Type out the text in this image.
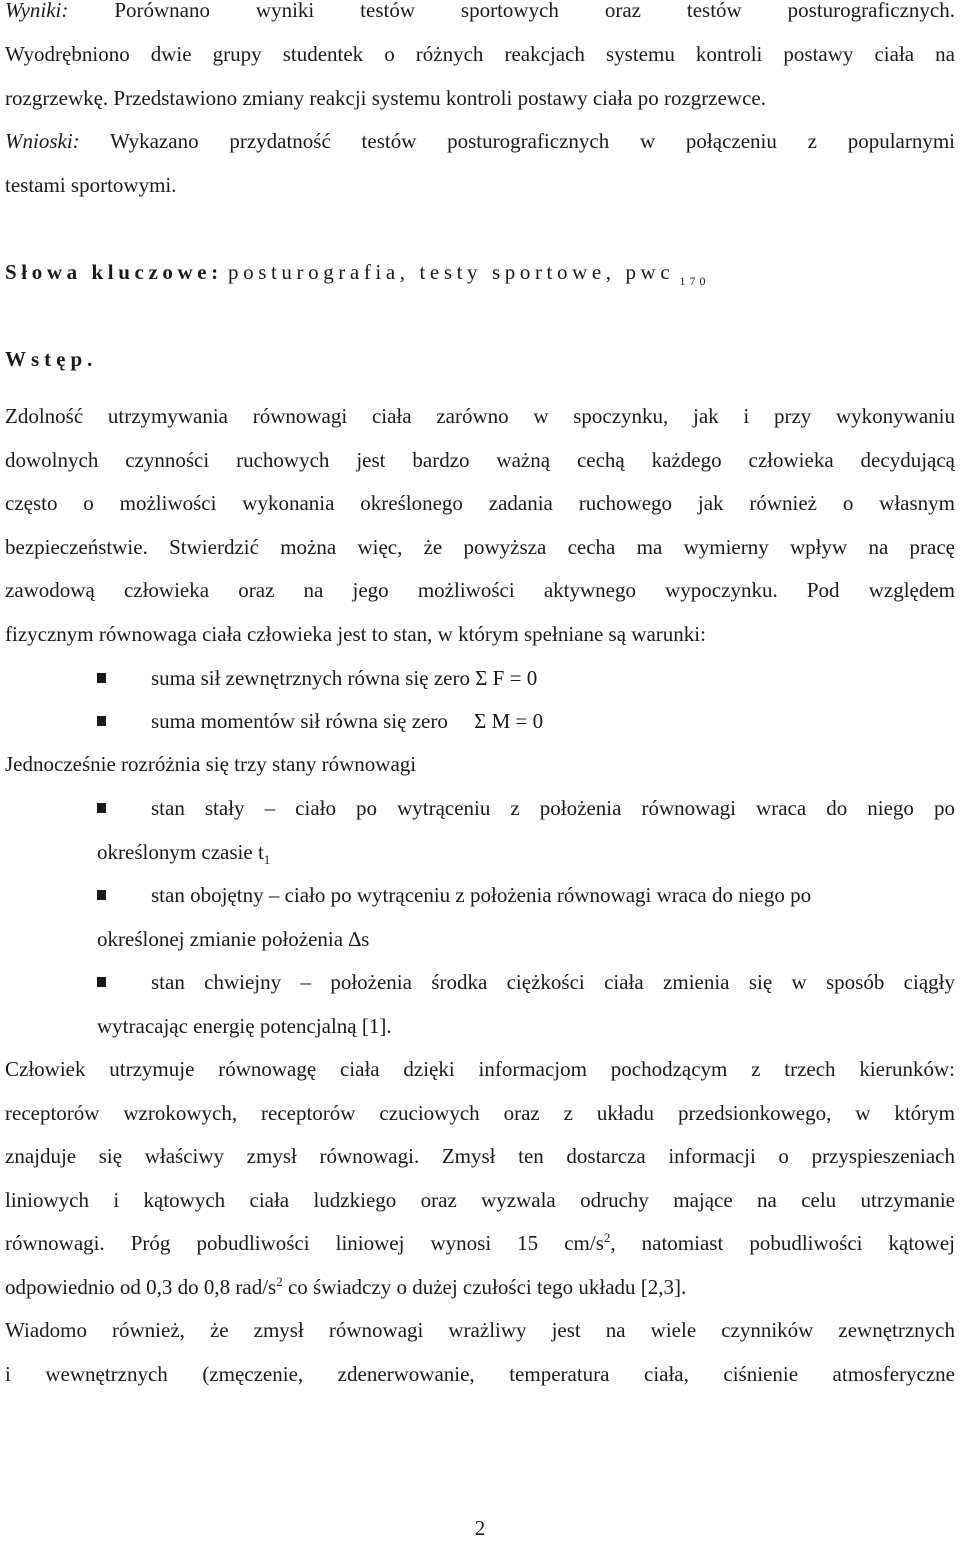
Wyniki: Porównano wyniki testów sportowych oraz testów posturograficznych.
Wyodrębniono dwie grupy studentek o różnych reakcjach systemu kontroli postawy ciała na
rozgrzewkę. Przedstawiono zmiany reakcji systemu kontroli postawy ciała po rozgrzewce.
Wnioski: Wykazano przydatność testów posturograficznych w połączeniu z popularnymi
testami sportowymi.
Słowa kluczowe: posturografia, testy sportowe, pwc $_{170}$
Wstęp.
Zdolność utrzymywania równowagi ciała zarówno w spoczynku, jak i przy wykonywaniu
dowolnych czynności ruchowych jest bardzo ważną cechą każdego człowieka decydującą
często o możliwości wykonania określonego zadania ruchowego jak również o własnym
bezpieczeństwie. Stwierdzić można więc, że powyższa cecha ma wymierny wpływ na pracę
zawodową człowieka oraz na jego możliwości aktywnego wypoczynku. Pod względem
fizycznym równowaga ciała człowieka jest to stan, w którym spełniane są warunki:
suma sił zewnętrznych równa się zero Σ F = 0
suma momentów sił równa się zero     Σ M = 0
Jednocześnie rozróżnia się trzy stany równowagi
stan stały – ciało po wytrąceniu z położenia równowagi wraca do niego po
określonym czasie $t_1$
stan obojętny – ciało po wytrąceniu z położenia równowagi wraca do niego po
określonej zmianie położenia ∆s
stan chwiejny – położenia środka ciężkości ciała zmienia się w sposób ciągły
wytracając energię potencjalną [1].
Człowiek utrzymuje równowagę ciała dzięki informacjom pochodzącym z trzech kierunków:
receptorów wzrokowych, receptorów czuciowych oraz z układu przedsionkowego, w którym
znajduje się właściwy zmysł równowagi. Zmysł ten dostarcza informacji o przyspieszeniach
liniowych i kątowych ciała ludzkiego oraz wyzwala odruchy mające na celu utrzymanie
równowagi. Próg pobudliwości liniowej wynosi 15 $cm/s^2$, natomiast pobudliwości kątowej
odpowiednio od 0,3 do 0,8 rad/$s^2$ co świadczy o dużej czułości tego układu [2,3].
Wiadomo również, że zmysł równowagi wrażliwy jest na wiele czynników zewnętrznych
i wewnętrznych (zmęczenie, zdenerwowanie, temperatura ciała, ciśnienie atmosferyczne
2
